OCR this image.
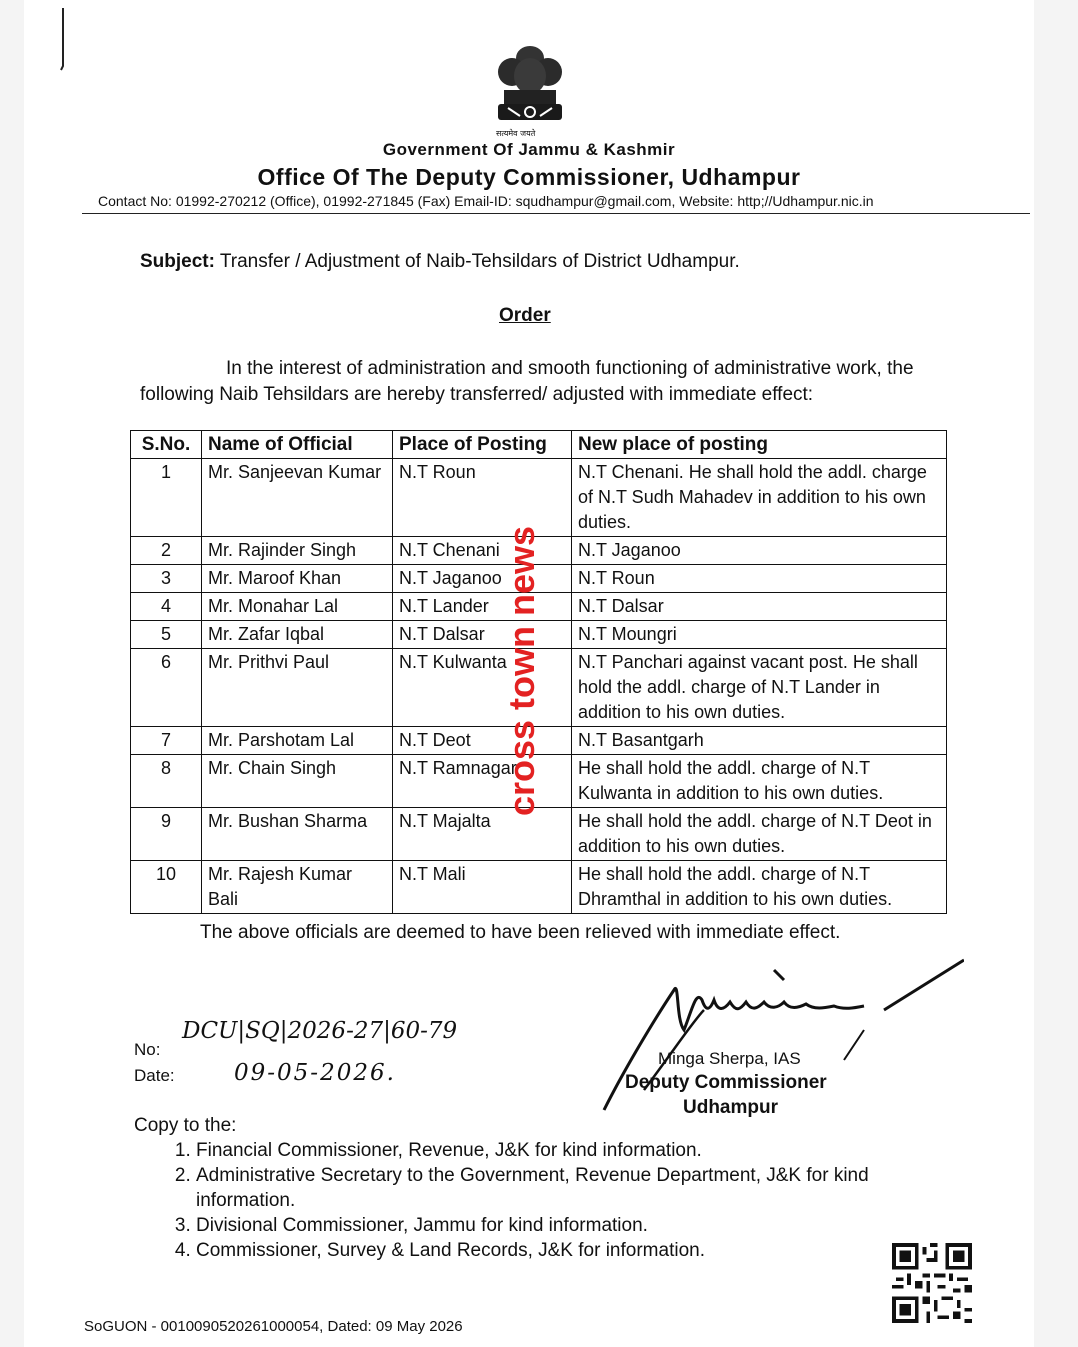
सत्यमेव जयते
Government Of Jammu & Kashmir
Office Of The Deputy Commissioner, Udhampur
Contact No: 01992-270212 (Office), 01992-271845 (Fax) Email-ID: squdhampur@gmail.com, Website: http;//Udhampur.nic.in
Subject: Transfer / Adjustment of Naib-Tehsildars of District Udhampur.
Order
In the interest of administration and smooth functioning of administrative work, the following Naib Tehsildars are hereby transferred/ adjusted with immediate effect:
S.No.	Name of Official	Place of Posting	New place of posting
1	Mr. Sanjeevan Kumar	N.T Roun	N.T Chenani. He shall hold the addl. charge of N.T Sudh Mahadev in addition to his own duties.
2	Mr. Rajinder Singh	N.T Chenani	N.T Jaganoo
3	Mr. Maroof Khan	N.T Jaganoo	N.T Roun
4	Mr. Monahar Lal	N.T Lander	N.T Dalsar
5	Mr. Zafar Iqbal	N.T Dalsar	N.T Moungri
6	Mr. Prithvi Paul	N.T Kulwanta	N.T Panchari against vacant post. He shall hold the addl. charge of N.T Lander in addition to his own duties.
7	Mr. Parshotam Lal	N.T Deot	N.T Basantgarh
8	Mr. Chain Singh	N.T Ramnagar	He shall hold the addl. charge of N.T Kulwanta in addition to his own duties.
9	Mr. Bushan Sharma	N.T Majalta	He shall hold the addl. charge of N.T Deot in addition to his own duties.
10	Mr. Rajesh Kumar Bali	N.T Mali	He shall hold the addl. charge of N.T Dhramthal in addition to his own duties.
The above officials are deemed to have been relieved with immediate effect.
No:
DCU|SQ|2026-27|60-79
Date:	09-05-2026.
Minga Sherpa, IAS
Deputy Commissioner
Udhampur
Copy to the:
1. Financial Commissioner, Revenue, J&K for kind information.
2. Administrative Secretary to the Government, Revenue Department, J&K for kind information.
3. Divisional Commissioner, Jammu for kind information.
4. Commissioner, Survey & Land Records, J&K for information.
SoGUON - 0010090520261000054, Dated: 09 May 2026
cross town news
